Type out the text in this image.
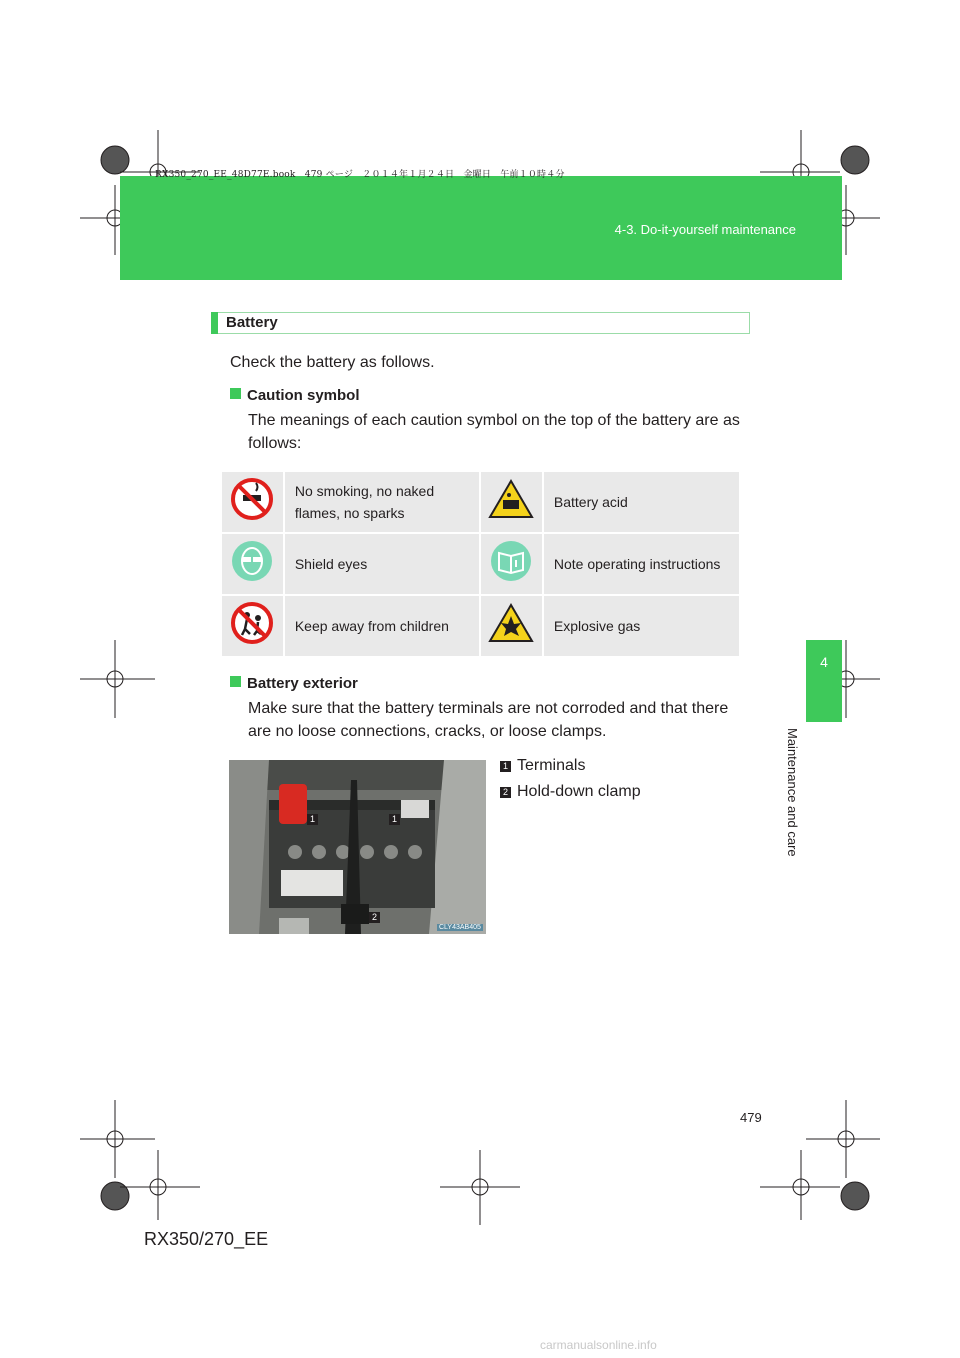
RX350_270_EE_48D77E.book　479 ページ　２０１４年１月２４日　金曜日　午前１０時４分
4-3. Do-it-yourself maintenance
4
Maintenance and care
Battery
Check the battery as follows.
Caution symbol
The meanings of each caution symbol on the top of the battery are as follows:
	No smoking, no naked flames, no sparks		Battery acid
	Shield eyes		Note operating instructions
	Keep away from children		Explosive gas
Battery exterior
Make sure that the battery terminals are not corroded and that there are no loose connections, cracks, or loose clamps.
1	1
2
CLY43AB405
1 Terminals
2 Hold-down clamp
479
RX350/270_EE
carmanualsonline.info
